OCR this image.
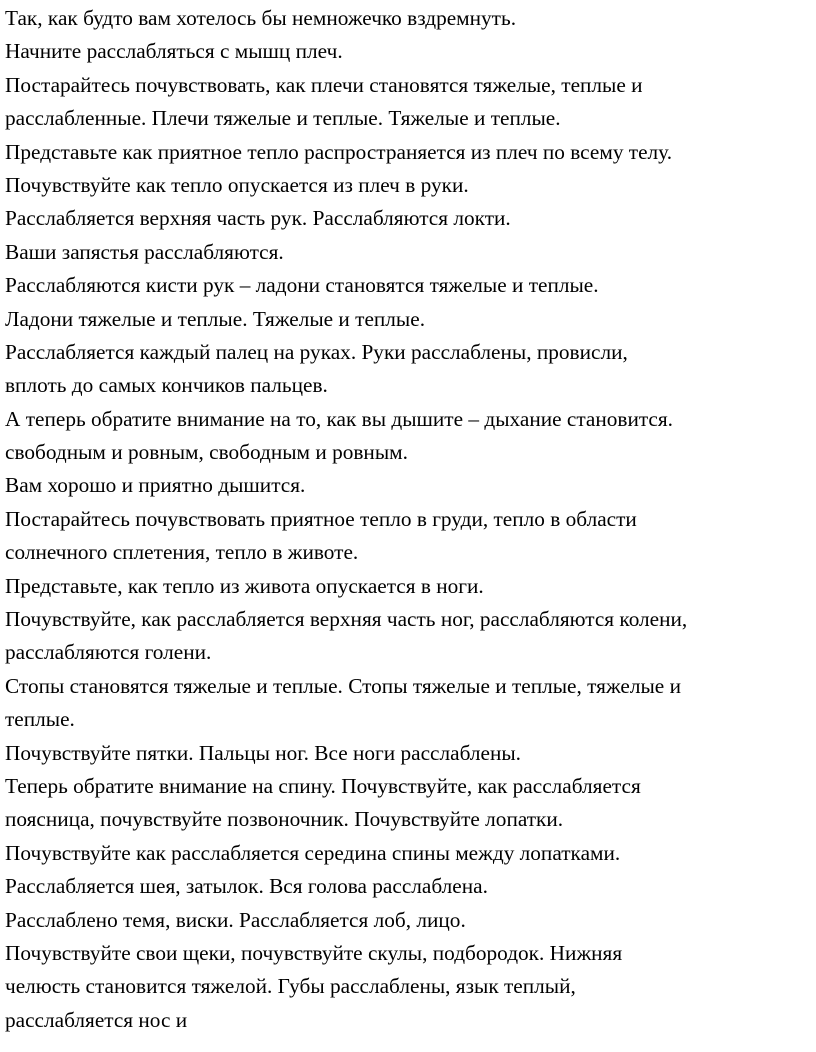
Так, как будто вам хотелось бы немножечко вздремнуть.
Начните расслабляться с мышц плеч.
Постарайтесь почувствовать, как плечи становятся тяжелые, теплые и
расслабленные. Плечи тяжелые и теплые. Тяжелые и теплые.
Представьте как приятное тепло распространяется из плеч по всему телу.
Почувствуйте как тепло опускается из плеч в руки.
Расслабляется верхняя часть рук. Расслабляются локти.
Ваши запястья расслабляются.
Расслабляются кисти рук – ладони становятся тяжелые и теплые.
Ладони тяжелые и теплые. Тяжелые и теплые.
Расслабляется каждый палец на руках. Руки расслаблены, провисли,
вплоть до самых кончиков пальцев.
А теперь обратите внимание на то, как вы дышите – дыхание становится.
свободным и ровным, свободным и ровным.
Вам хорошо и приятно дышится.
Постарайтесь почувствовать приятное тепло в груди, тепло в области
солнечного сплетения, тепло в животе.
Представьте, как тепло из живота опускается в ноги.
Почувствуйте, как расслабляется верхняя часть ног, расслабляются колени,
расслабляются голени.
Стопы становятся тяжелые и теплые. Стопы тяжелые и теплые, тяжелые и
теплые.
Почувствуйте пятки. Пальцы ног. Все ноги расслаблены.
Теперь обратите внимание на спину. Почувствуйте, как расслабляется
поясница, почувствуйте позвоночник. Почувствуйте лопатки.
Почувствуйте как расслабляется середина спины между лопатками.
Расслабляется шея, затылок. Вся голова расслаблена.
Расслаблено темя, виски. Расслабляется лоб, лицо.
Почувствуйте свои щеки, почувствуйте скулы, подбородок. Нижняя
челюсть становится тяжелой. Губы расслаблены, язык теплый,
расслабляется нос и
